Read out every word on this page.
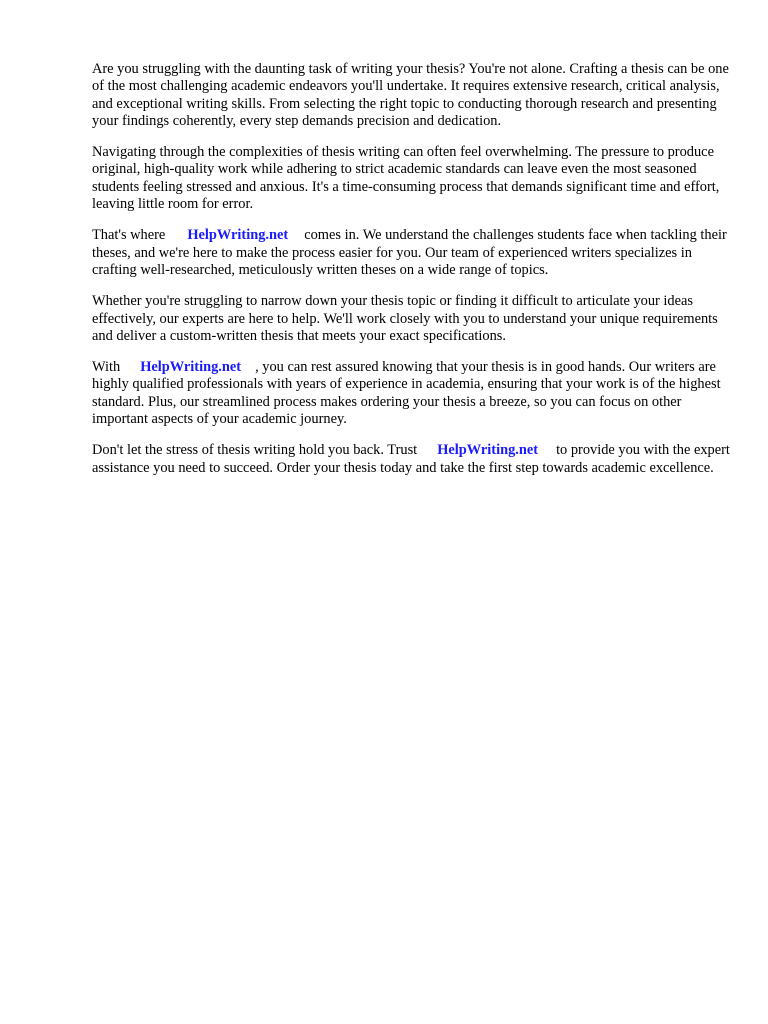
Are you struggling with the daunting task of writing your thesis? You're not alone. Crafting a thesis can be one of the most challenging academic endeavors you'll undertake. It requires extensive research, critical analysis, and exceptional writing skills. From selecting the right topic to conducting thorough research and presenting your findings coherently, every step demands precision and dedication.

Navigating through the complexities of thesis writing can often feel overwhelming. The pressure to produce original, high-quality work while adhering to strict academic standards can leave even the most seasoned students feeling stressed and anxious. It's a time-consuming process that demands significant time and effort, leaving little room for error.

That's where HelpWriting.net comes in. We understand the challenges students face when tackling their theses, and we're here to make the process easier for you. Our team of experienced writers specializes in crafting well-researched, meticulously written theses on a wide range of topics.

Whether you're struggling to narrow down your thesis topic or finding it difficult to articulate your ideas effectively, our experts are here to help. We'll work closely with you to understand your unique requirements and deliver a custom-written thesis that meets your exact specifications.

With HelpWriting.net , you can rest assured knowing that your thesis is in good hands. Our writers are highly qualified professionals with years of experience in academia, ensuring that your work is of the highest standard. Plus, our streamlined process makes ordering your thesis a breeze, so you can focus on other important aspects of your academic journey.

Don't let the stress of thesis writing hold you back. Trust HelpWriting.net to provide you with the expert assistance you need to succeed. Order your thesis today and take the first step towards academic excellence.
